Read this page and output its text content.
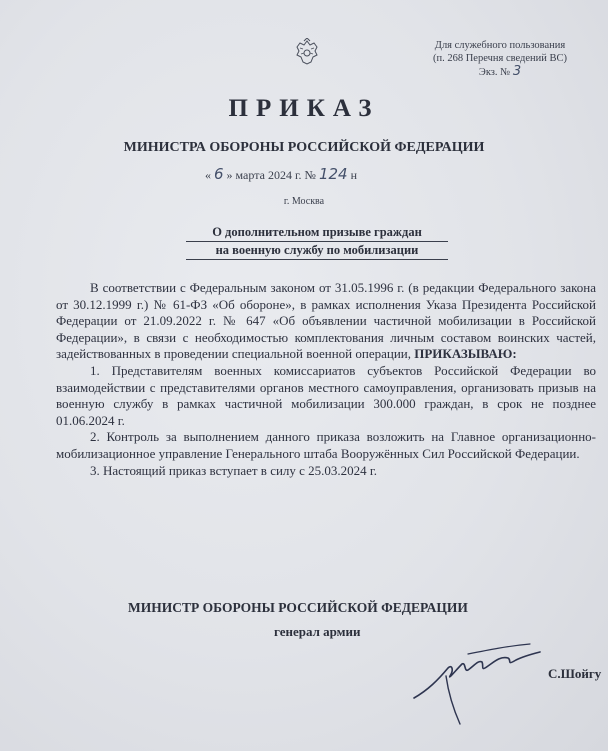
Для служебного пользования
(п. 268 Перечня сведений ВС)
Экз. № 3
ПРИКАЗ
МИНИСТРА ОБОРОНЫ РОССИЙСКОЙ ФЕДЕРАЦИИ
« 6 » марта 2024 г. № 124 н
г. Москва
О дополнительном призыве граждан
на военную службу по мобилизации

В соответствии с Федеральным законом от 31.05.1996 г. (в редакции Федерального закона от 30.12.1999 г.) № 61-ФЗ «Об обороне», в рамках исполнения Указа Президента Российской Федерации от 21.09.2022 г. № 647 «Об объявлении частичной мобилизации в Российской Федерации», в связи с необходимостью комплектования личным составом воинских частей, задействованных в проведении специальной военной операции, ПРИКАЗЫВАЮ:

1. Представителям военных комиссариатов субъектов Российской Федерации во взаимодействии с представителями органов местного самоуправления, организовать призыв на военную службу в рамках частичной мобилизации 300.000 граждан, в срок не позднее 01.06.2024 г.

2. Контроль за выполнением данного приказа возложить на Главное организационно-мобилизационное управление Генерального штаба Вооружённых Сил Российской Федерации.

3. Настоящий приказ вступает в силу с 25.03.2024 г.

МИНИСТР ОБОРОНЫ РОССИЙСКОЙ ФЕДЕРАЦИИ
генерал армии
С.Шойгу
